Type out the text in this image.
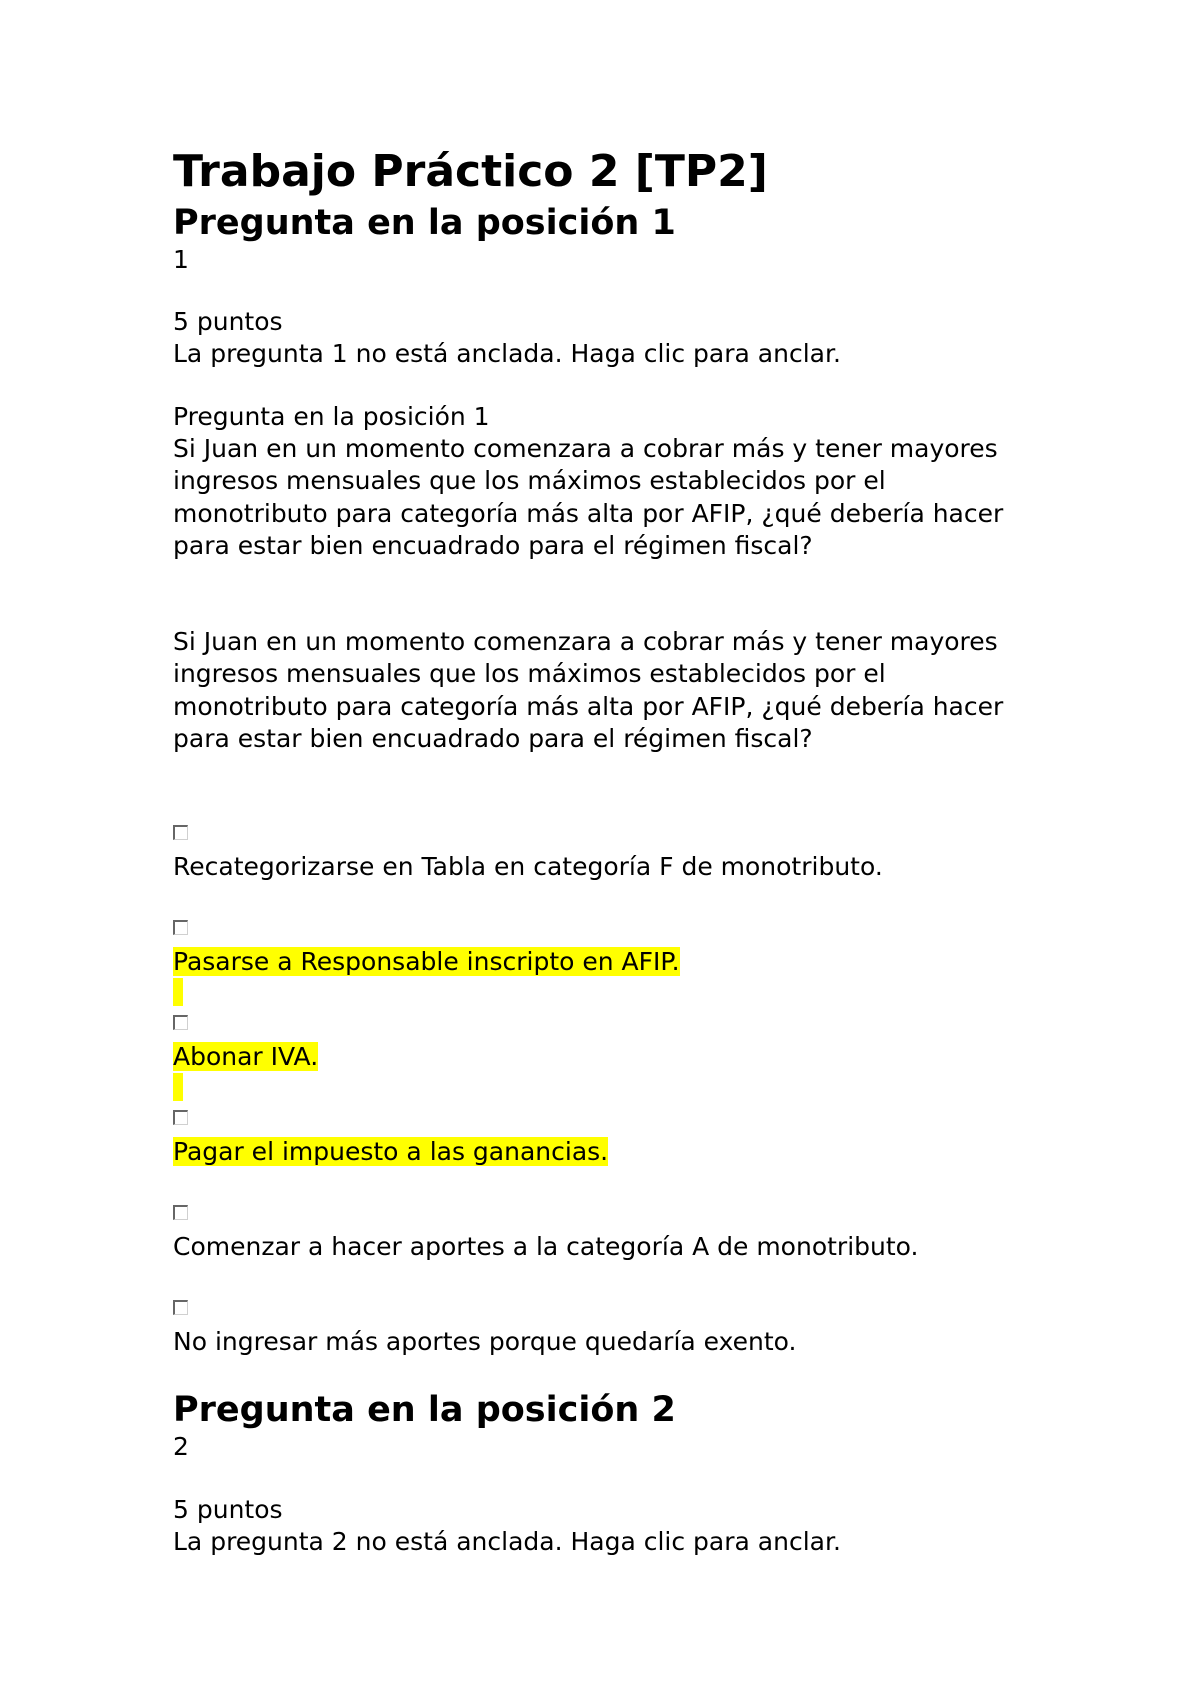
Trabajo Práctico 2 [TP2]
Pregunta en la posición 1
1
5 puntos
La pregunta 1 no está anclada. Haga clic para anclar.
Pregunta en la posición 1
Si Juan en un momento comenzara a cobrar más y tener mayores ingresos mensuales que los máximos establecidos por el monotributo para categoría más alta por AFIP, ¿qué debería hacer para estar bien encuadrado para el régimen fiscal?
Si Juan en un momento comenzara a cobrar más y tener mayores ingresos mensuales que los máximos establecidos por el monotributo para categoría más alta por AFIP, ¿qué debería hacer para estar bien encuadrado para el régimen fiscal?
Recategorizarse en Tabla en categoría F de monotributo.
Pasarse a Responsable inscripto en AFIP.
Abonar IVA.
Pagar el impuesto a las ganancias.
Comenzar a hacer aportes a la categoría A de monotributo.
No ingresar más aportes porque quedaría exento.
Pregunta en la posición 2
2
5 puntos
La pregunta 2 no está anclada. Haga clic para anclar.
